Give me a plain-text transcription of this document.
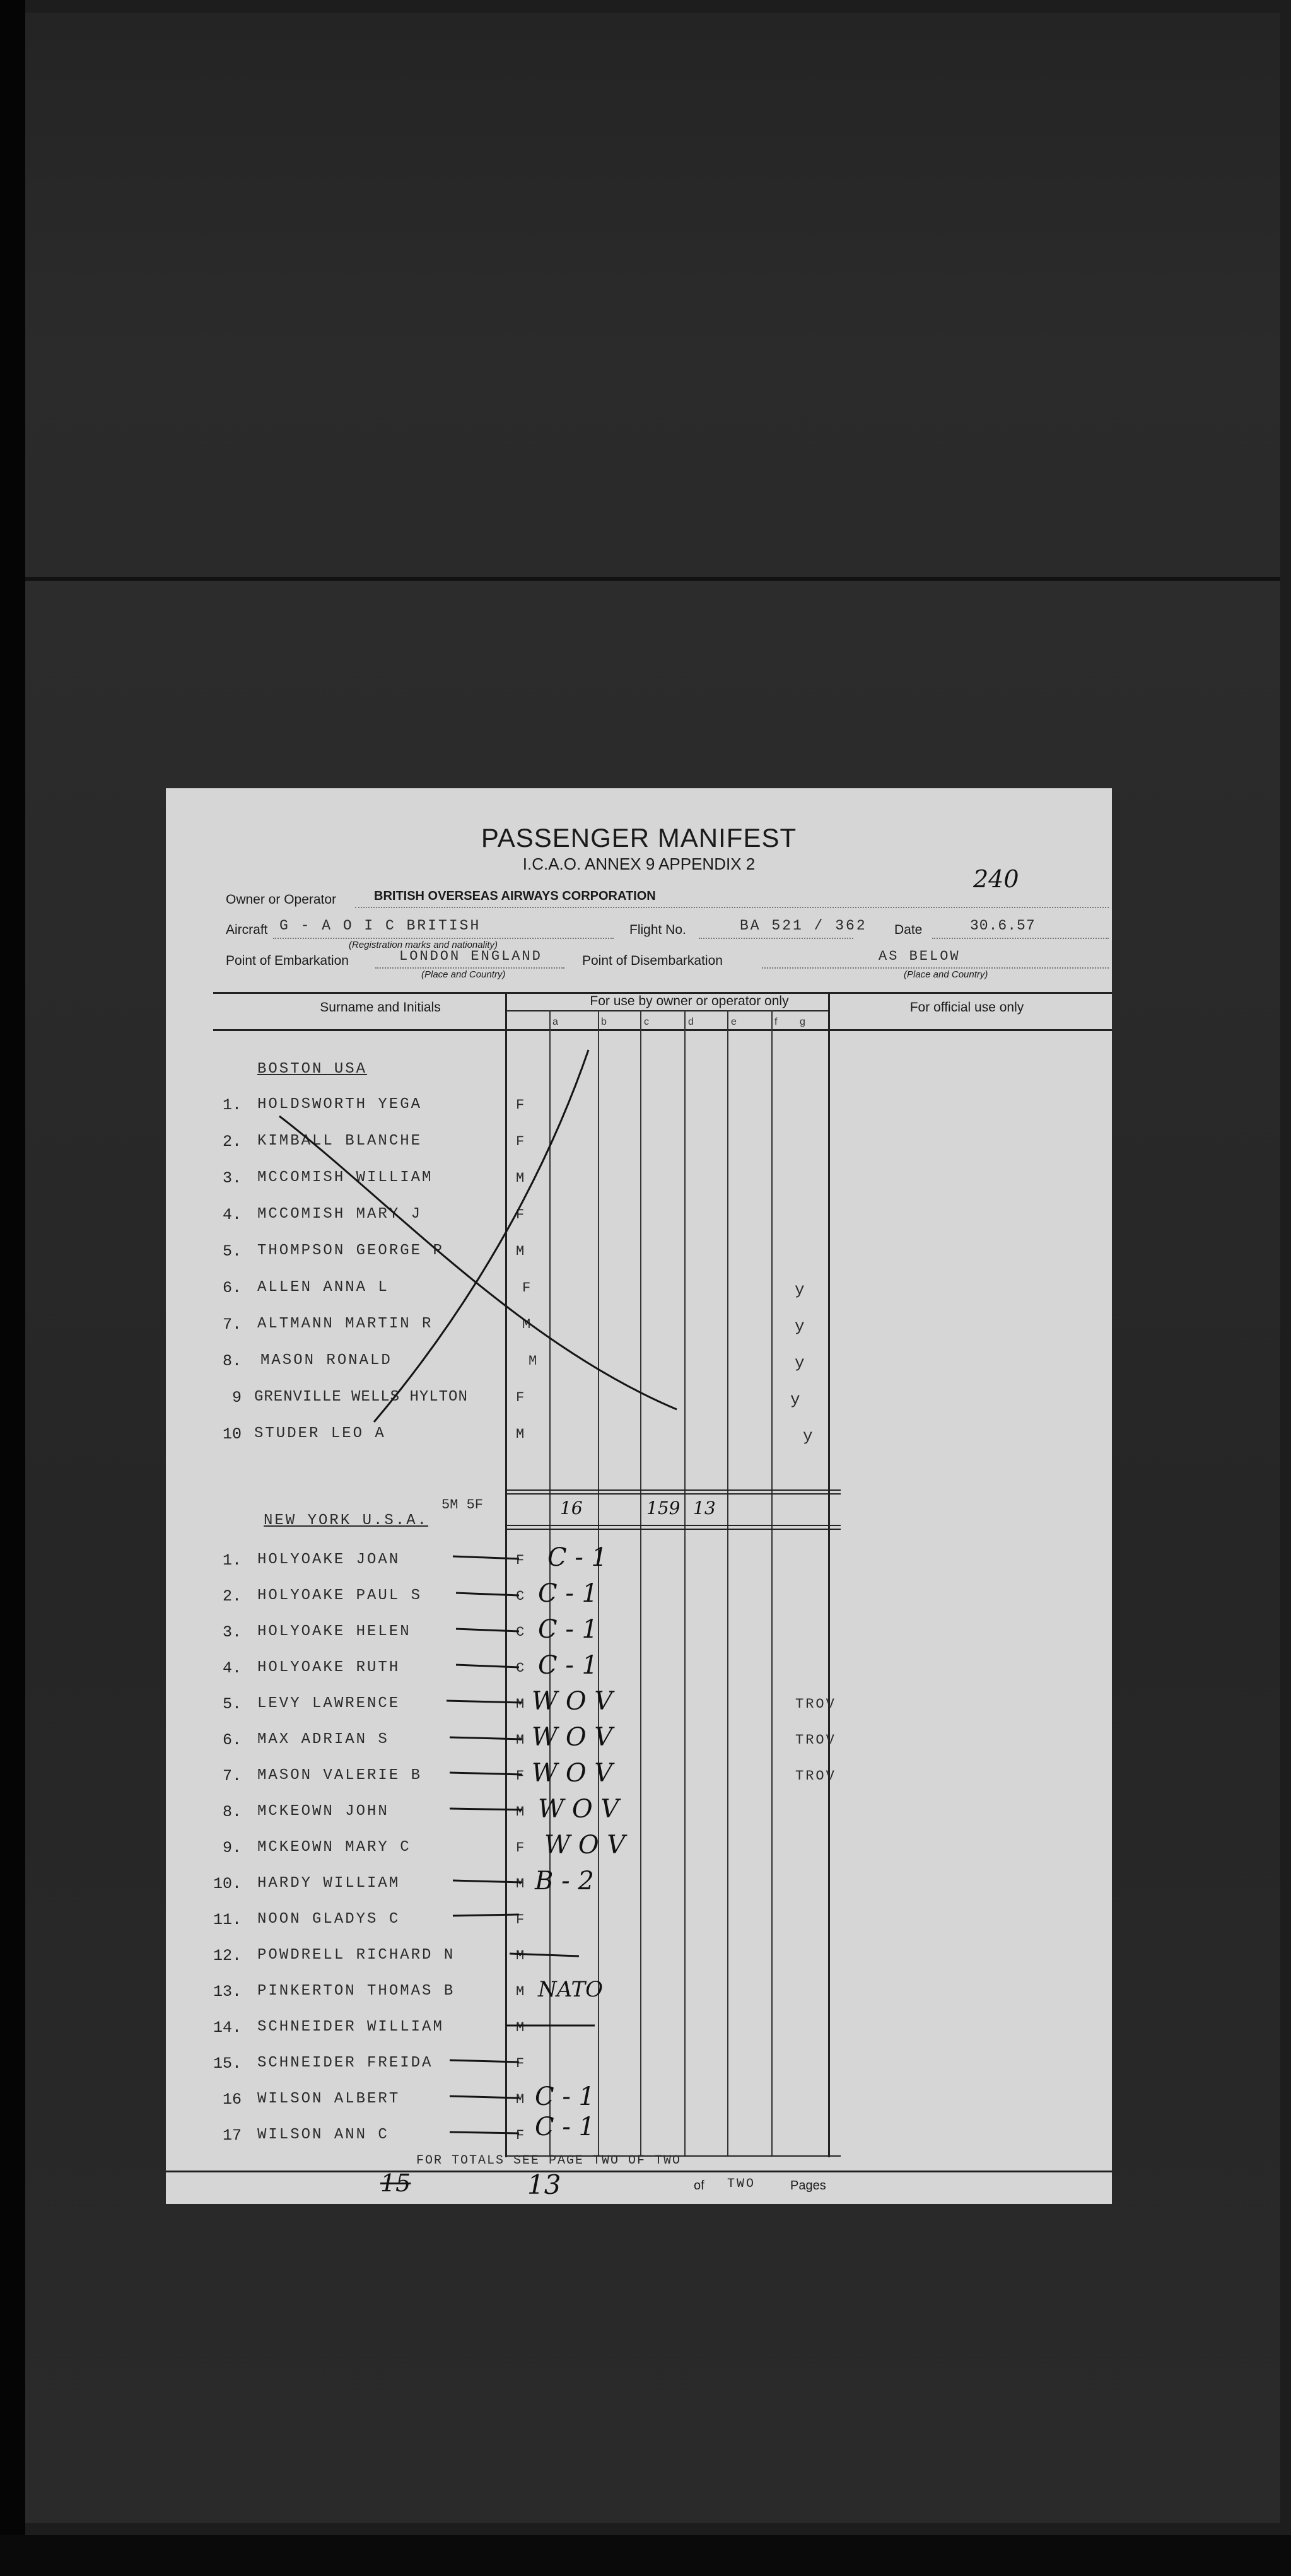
PASSENGER MANIFEST
I.C.A.O. ANNEX 9 APPENDIX 2
240
Owner or Operator	BRITISH OVERSEAS AIRWAYS CORPORATION
Aircraft G - A O I C BRITISH	Flight No.	BA 521 / 362 Date	30.6.57
(Registration marks and nationality)
Point of Embarkation	LONDON ENGLAND
(Place and Country)
Point of Disembarkation	AS BELOW
(Place and Country)
Surname and Initials	For use by owner or operator only	For official use only
a	b	c	d	e	f g
BOSTON USA
1. HOLDSWORTH YEGA	F
2. KIMBALL BLANCHE	F
3. MCCOMISH WILLIAM	M
4. MCCOMISH MARY J	F
5. THOMPSON GEORGE P	M
6. ALLEN ANNA L	F	y
7. ALTMANN MARTIN R	M	y
8. MASON RONALD	M	y
9 GRENVILLE WELLS HYLTON	F	y
10 STUDER LEO A	M	y
5M 5F	16	159 13
NEW YORK U.S.A.
1. HOLYOAKE JOAN	F C - 1
2. HOLYOAKE PAUL S	C C - 1
3. HOLYOAKE HELEN	C C - 1
4. HOLYOAKE RUTH	C C - 1
5. LEVY LAWRENCE	M W O V	TROV
6. MAX ADRIAN S	M W O V	TROV
7. MASON VALERIE B	F W O V	TROV
8. MCKEOWN JOHN	M W O V
9. MCKEOWN MARY C	F W O V
10. HARDY WILLIAM	M B - 2
11. NOON GLADYS C	F
12. POWDRELL RICHARD N	M
13. PINKERTON THOMAS B	M NATO
14. SCHNEIDER WILLIAM	M
15. SCHNEIDER FREIDA	F
16 WILSON ALBERT	M C - 1
17 WILSON ANN C	F C - 1
FOR TOTALS SEE PAGE TWO OF TWO
15	13	of TWO	Pages
